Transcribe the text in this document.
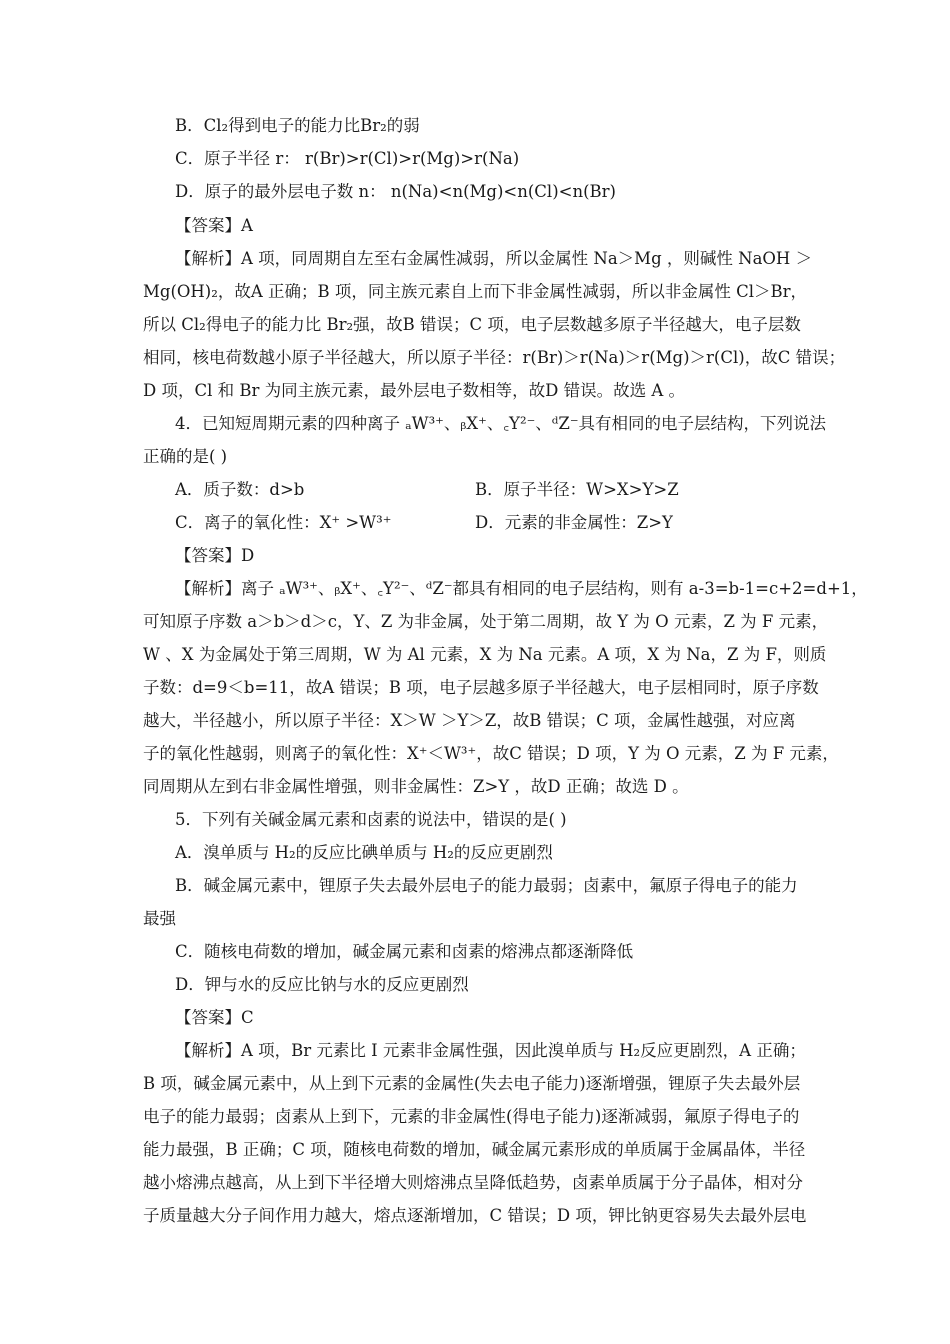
B．Cl₂得到电子的能力比Br₂的弱
C．原子半径 r： r(Br)>r(Cl)>r(Mg)>r(Na)
D．原子的最外层电子数 n： n(Na)<n(Mg)<n(Cl)<n(Br)
【答案】A
【解析】A 项，同周期自左至右金属性减弱，所以金属性 Na＞Mg ，则碱性 NaOH ＞
Mg(OH)₂，故A 正确；B 项，同主族元素自上而下非金属性减弱，所以非金属性 Cl＞Br，
所以 Cl₂得电子的能力比 Br₂强，故B 错误；C 项，电子层数越多原子半径越大，电子层数
相同，核电荷数越小原子半径越大，所以原子半径：r(Br)＞r(Na)＞r(Mg)＞r(Cl)，故C 错误；
D 项，Cl 和 Br 为同主族元素，最外层电子数相等，故D 错误。故选 A 。
4．已知短周期元素的四种离子 ₐW³⁺、ᵦX⁺、꜀Y²⁻、ᵈZ⁻具有相同的电子层结构，下列说法
正确的是( )
A．质子数：d>b	B．原子半径：W>X>Y>Z
C．离子的氧化性：X⁺ >W³⁺	D．元素的非金属性：Z>Y
【答案】D
【解析】离子 ₐW³⁺、ᵦX⁺、꜀Y²⁻、ᵈZ⁻都具有相同的电子层结构，则有 a-3=b-1=c+2=d+1，
可知原子序数 a＞b＞d＞c，Y、Z 为非金属，处于第二周期，故 Y 为 O 元素，Z 为 F 元素，
W 、X 为金属处于第三周期，W 为 Al 元素，X 为 Na 元素。A 项，X 为 Na，Z 为 F，则质
子数：d=9＜b=11，故A 错误；B 项，电子层越多原子半径越大，电子层相同时，原子序数
越大，半径越小，所以原子半径：X＞W ＞Y＞Z，故B 错误；C 项，金属性越强，对应离
子的氧化性越弱，则离子的氧化性：X⁺＜W³⁺，故C 错误；D 项，Y 为 O 元素，Z 为 F 元素，
同周期从左到右非金属性增强，则非金属性：Z>Y ，故D 正确；故选 D 。
5．下列有关碱金属元素和卤素的说法中，错误的是( )
A．溴单质与 H₂的反应比碘单质与 H₂的反应更剧烈
B．碱金属元素中，锂原子失去最外层电子的能力最弱；卤素中，氟原子得电子的能力
最强
C．随核电荷数的增加，碱金属元素和卤素的熔沸点都逐渐降低
D．钾与水的反应比钠与水的反应更剧烈
【答案】C
【解析】A 项，Br 元素比 I 元素非金属性强，因此溴单质与 H₂反应更剧烈，A 正确；
B 项，碱金属元素中，从上到下元素的金属性(失去电子能力)逐渐增强，锂原子失去最外层
电子的能力最弱；卤素从上到下，元素的非金属性(得电子能力)逐渐减弱，氟原子得电子的
能力最强，B 正确；C 项，随核电荷数的增加，碱金属元素形成的单质属于金属晶体，半径
越小熔沸点越高，从上到下半径增大则熔沸点呈降低趋势，卤素单质属于分子晶体，相对分
子质量越大分子间作用力越大，熔点逐渐增加，C 错误；D 项，钾比钠更容易失去最外层电
